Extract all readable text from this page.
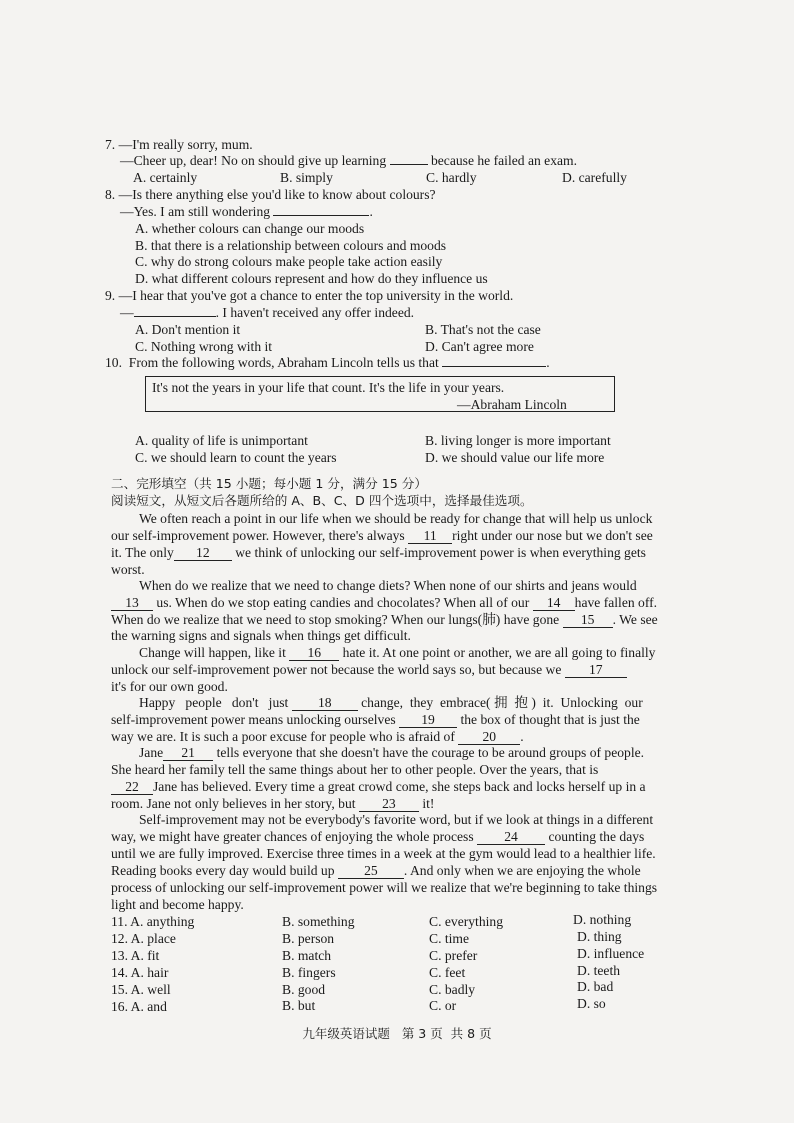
7. —I'm really sorry, mum.
—Cheer up, dear! No on should give up learning	because he failed an exam.
A. certainly	B. simply	C. hardly	D. carefully
8. —Is there anything else you'd like to know about colours?
—Yes. I am still wondering	.
A. whether colours can change our moods
B. that there is a relationship between colours and moods
C. why do strong colours make people take action easily
D. what different colours represent and how do they influence us
9. —I hear that you've got a chance to enter the top university in the world.
—	. I haven't received any offer indeed.
A. Don't mention it	B. That's not the case
C. Nothing wrong with it	D. Can't agree more
10. From the following words, Abraham Lincoln tells us that	.
It's not the years in your life that count. It's the life in your years.
—Abraham Lincoln
A. quality of life is unimportant	B. living longer is more important
C. we should learn to count the years	D. we should value our life more
二、完形填空（共 15 小题；每小题 1 分，满分 15 分）
阅读短文，从短文后各题所给的 A、B、C、D 四个选项中，选择最佳选项。
We often reach a point in our life when we should be ready for change that will help us unlock
our self-improvement power. However, there's always 11 right under our nose but we don't see
it. The only 12 we think of unlocking our self-improvement power is when everything gets
worst.
When do we realize that we need to change diets? When none of our shirts and jeans would
13 us. When do we stop eating candies and chocolates? When all of our 14 have fallen off.
When do we realize that we need to stop smoking? When our lungs(肺) have gone 15 . We see
the warning signs and signals when things get difficult.
Change will happen, like it 16 hate it. At one point or another, we are all going to finally
unlock our self-improvement power not because the world says so, but because we 17
it's for our own good.
Happy   people   don't   just 18 change,  they  embrace( 拥  抱 )  it.  Unlocking  our
self-improvement power means unlocking ourselves 19 the box of thought that is just the
way we are. It is such a poor excuse for people who is afraid of 20 .
Jane 21 tells everyone that she doesn't have the courage to be around groups of people.
She heard her family tell the same things about her to other people. Over the years, that is
22 Jane has believed. Every time a great crowd come, she steps back and locks herself up in a
room. Jane not only believes in her story, but 23 it!
Self-improvement may not be everybody's favorite word, but if we look at things in a different
way, we might have greater chances of enjoying the whole process 24 counting the days
until we are fully improved. Exercise three times in a week at the gym would lead to a healthier life.
Reading books every day would build up 25 . And only when we are enjoying the whole
process of unlocking our self-improvement power will we realize that we're beginning to take things
light and become happy.
11. A. anything	B. something	C. everything	D. nothing
12. A. place	B. person	C. time	D. thing
13. A. fit	B. match	C. prefer	D. influence
14. A. hair	B. fingers	C. feet	D. teeth
15. A. well	B. good	C. badly	D. bad
16. A. and	B. but	C. or	D. so
九年级英语试题   第 3 页  共 8 页
